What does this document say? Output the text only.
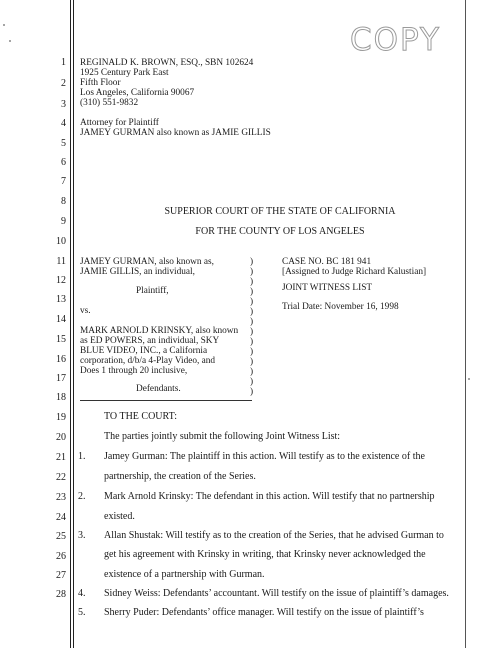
COPY
1
2
3
4
5
6
7
8
9
10
11
12
13
14
15
16
17
18
19
20
21
22
23
24
25
26
27
28
REGINALD K. BROWN, ESQ., SBN 102624
1925 Century Park East
Fifth Floor
Los Angeles, California 90067
(310) 551-9832
Attorney for Plaintiff
JAMEY GURMAN also known as JAMIE GILLIS
SUPERIOR COURT OF THE STATE OF CALIFORNIA
FOR THE COUNTY OF LOS ANGELES
JAMEY GURMAN, also known as,
JAMIE GILLIS, an individual,
Plaintiff,
vs.
MARK ARNOLD KRINSKY, also known
as ED POWERS, an individual, SKY
BLUE VIDEO, INC., a California
corporation, d/b/a 4-Play Video, and
Does 1 through 20 inclusive,
Defendants.
)
)
)
)
)
)
)
)
)
)
)
)
)
)
CASE NO. BC 181 941
[Assigned to Judge Richard Kalustian]
JOINT WITNESS LIST
Trial Date: November 16, 1998
TO THE COURT:
The parties jointly submit the following Joint Witness List:
1. Jamey Gurman: The plaintiff in this action. Will testify as to the existence of the
partnership, the creation of the Series.
2. Mark Arnold Krinsky: The defendant in this action. Will testify that no partnership
existed.
3. Allan Shustak: Will testify as to the creation of the Series, that he advised Gurman to
get his agreement with Krinsky in writing, that Krinsky never acknowledged the
existence of a partnership with Gurman.
4. Sidney Weiss: Defendants’ accountant. Will testify on the issue of plaintiff’s damages.
5. Sherry Puder: Defendants’ office manager. Will testify on the issue of plaintiff’s
